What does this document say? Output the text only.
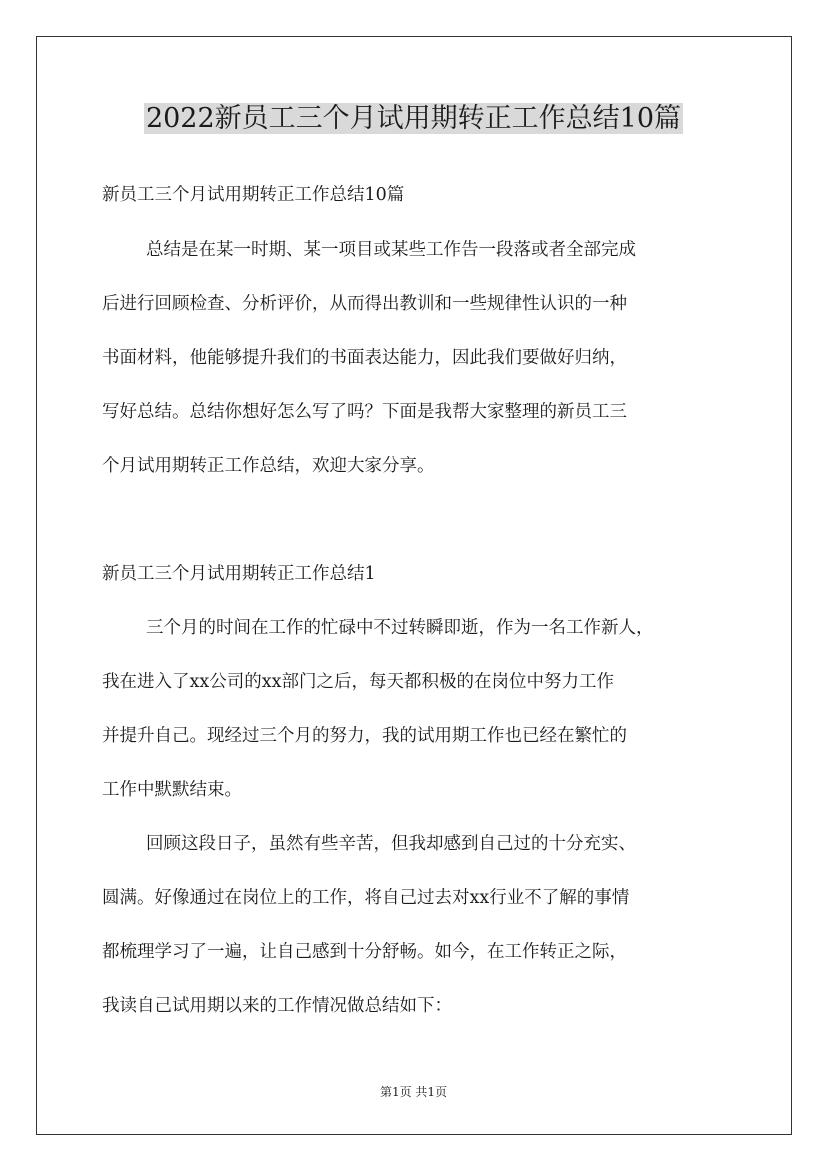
2022新员工三个月试用期转正工作总结10篇

新员工三个月试用期转正工作总结10篇

总结是在某一时期、某一项目或某些工作告一段落或者全部完成

后进行回顾检查、分析评价，从而得出教训和一些规律性认识的一种

书面材料，他能够提升我们的书面表达能力，因此我们要做好归纳，

写好总结。总结你想好怎么写了吗？下面是我帮大家整理的新员工三

个月试用期转正工作总结，欢迎大家分享。

新员工三个月试用期转正工作总结1

三个月的时间在工作的忙碌中不过转瞬即逝，作为一名工作新人，

我在进入了xx公司的xx部门之后，每天都积极的在岗位中努力工作

并提升自己。现经过三个月的努力，我的试用期工作也已经在繁忙的

工作中默默结束。

回顾这段日子，虽然有些辛苦，但我却感到自己过的十分充实、

圆满。好像通过在岗位上的工作，将自己过去对xx行业不了解的事情

都梳理学习了一遍，让自己感到十分舒畅。如今，在工作转正之际，

我读自己试用期以来的工作情况做总结如下：

第1页 共1页
